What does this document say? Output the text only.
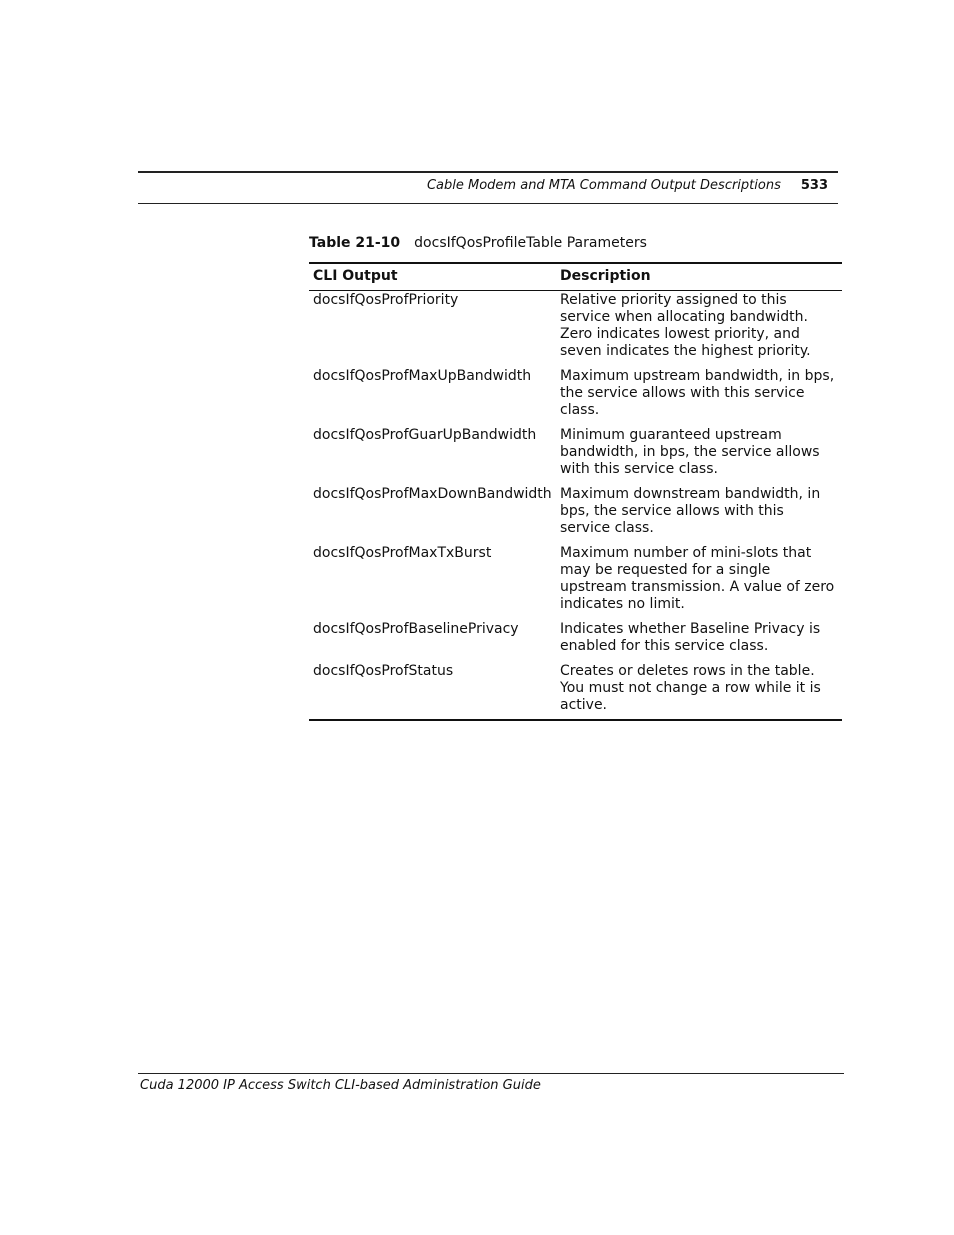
Cable Modem and MTA Command Output Descriptions 533
Table 21-10 docsIfQosProfileTable Parameters
CLI Output	Description
docsIfQosProfPriority	Relative priority assigned to this service when allocating bandwidth. Zero indicates lowest priority, and seven indicates the highest priority.
docsIfQosProfMaxUpBandwidth	Maximum upstream bandwidth, in bps, the service allows with this service class.
docsIfQosProfGuarUpBandwidth	Minimum guaranteed upstream bandwidth, in bps, the service allows with this service class.
docsIfQosProfMaxDownBandwidth	Maximum downstream bandwidth, in bps, the service allows with this service class.
docsIfQosProfMaxTxBurst	Maximum number of mini-slots that may be requested for a single upstream transmission. A value of zero indicates no limit.
docsIfQosProfBaselinePrivacy	Indicates whether Baseline Privacy is enabled for this service class.
docsIfQosProfStatus	Creates or deletes rows in the table. You must not change a row while it is active.
Cuda 12000 IP Access Switch CLI-based Administration Guide
